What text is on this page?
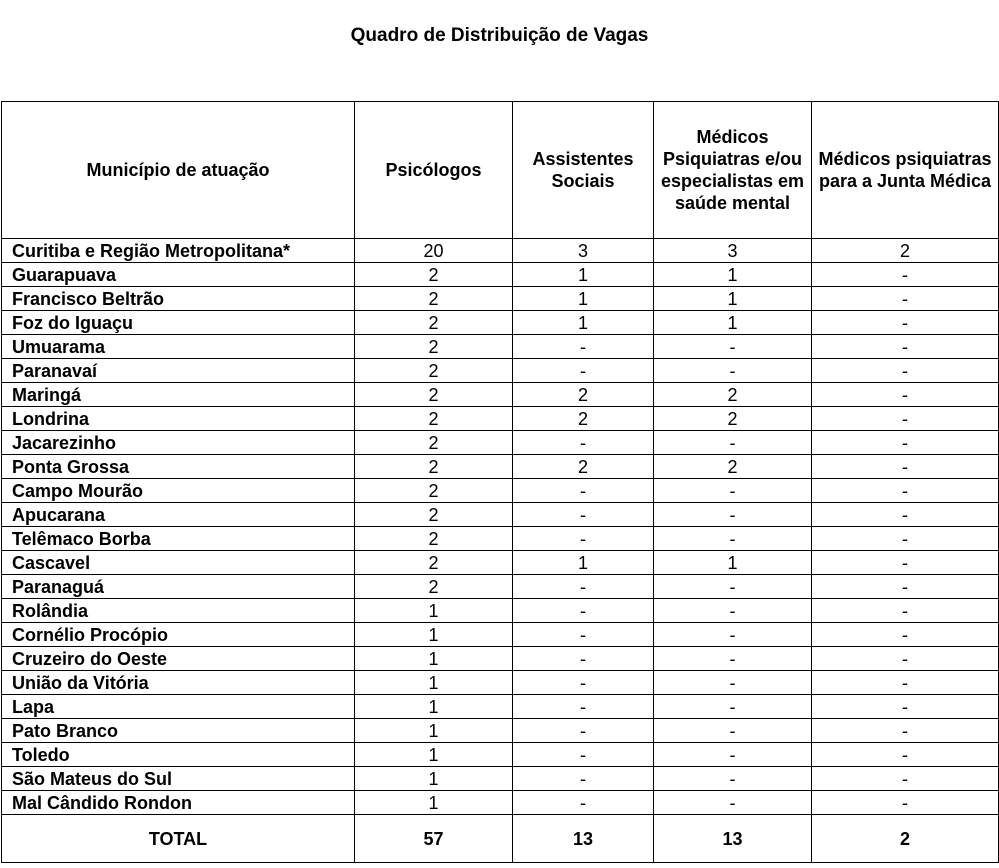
Quadro de Distribuição de Vagas
Município de atuação	Psicólogos	Assistentes Sociais	Médicos Psiquiatras e/ou especialistas em saúde mental	Médicos psiquiatras para a Junta Médica
Curitiba e Região Metropolitana*	20	3	3	2
Guarapuava	2	1	1	-
Francisco Beltrão	2	1	1	-
Foz do Iguaçu	2	1	1	-
Umuarama	2	-	-	-
Paranavaí	2	-	-	-
Maringá	2	2	2	-
Londrina	2	2	2	-
Jacarezinho	2	-	-	-
Ponta Grossa	2	2	2	-
Campo Mourão	2	-	-	-
Apucarana	2	-	-	-
Telêmaco Borba	2	-	-	-
Cascavel	2	1	1	-
Paranaguá	2	-	-	-
Rolândia	1	-	-	-
Cornélio Procópio	1	-	-	-
Cruzeiro do Oeste	1	-	-	-
União da Vitória	1	-	-	-
Lapa	1	-	-	-
Pato Branco	1	-	-	-
Toledo	1	-	-	-
São Mateus do Sul	1	-	-	-
Mal Cândido Rondon	1	-	-	-
TOTAL	57	13	13	2
